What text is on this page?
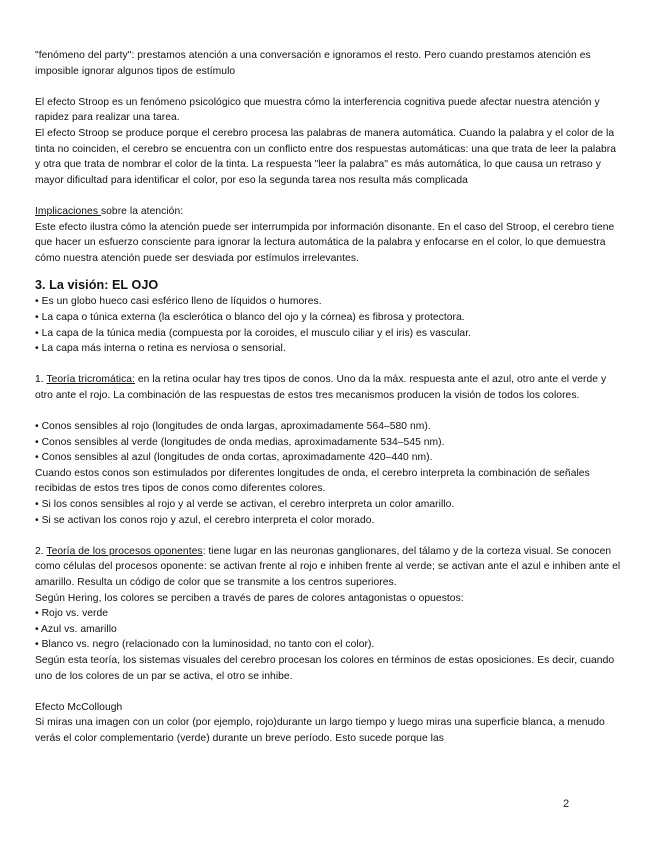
"fenómeno del party": prestamos atención a una conversación e ignoramos el resto. Pero cuando prestamos atención es imposible ignorar algunos tipos de estímulo

El efecto Stroop es un fenómeno psicológico que muestra cómo la interferencia cognitiva puede afectar nuestra atención y rapidez para realizar una tarea.

El efecto Stroop se produce porque el cerebro procesa las palabras de manera automática. Cuando la palabra y el color de la tinta no coinciden, el cerebro se encuentra con un conflicto entre dos respuestas automáticas: una que trata de leer la palabra y otra que trata de nombrar el color de la tinta. La respuesta "leer la palabra" es más automática, lo que causa un retraso y mayor dificultad para identificar el color, por eso la segunda tarea nos resulta más complicada

Implicaciones sobre la atención:

Este efecto ilustra cómo la atención puede ser interrumpida por información disonante. En el caso del Stroop, el cerebro tiene que hacer un esfuerzo consciente para ignorar la lectura automática de la palabra y enfocarse en el color, lo que demuestra cómo nuestra atención puede ser desviada por estímulos irrelevantes.

3. La visión: EL OJO

• Es un globo hueco casi esférico lleno de líquidos o humores.

• La capa o túnica externa (la esclerótica o blanco del ojo y la córnea) es fibrosa y protectora.

• La capa de la túnica media (compuesta por la coroides, el musculo ciliar y el iris) es vascular.

• La capa más interna o retina es nerviosa o sensorial.

1. Teoría tricromática: en la retina ocular hay tres tipos de conos. Uno da la máx. respuesta ante el azul, otro ante el verde y otro ante el rojo. La combinación de las respuestas de estos tres mecanismos producen la visión de todos los colores.

• Conos sensibles al rojo (longitudes de onda largas, aproximadamente 564–580 nm).

• Conos sensibles al verde (longitudes de onda medias, aproximadamente 534–545 nm).

• Conos sensibles al azul (longitudes de onda cortas, aproximadamente 420–440 nm).

Cuando estos conos son estimulados por diferentes longitudes de onda, el cerebro interpreta la combinación de señales recibidas de estos tres tipos de conos como diferentes colores.

• Si los conos sensibles al rojo y al verde se activan, el cerebro interpreta un color amarillo.

• Si se activan los conos rojo y azul, el cerebro interpreta el color morado.

2. Teoría de los procesos oponentes: tiene lugar en las neuronas ganglionares, del tálamo y de la corteza visual. Se conocen como células del procesos oponente: se activan frente al rojo e inhiben frente al verde; se activan ante el azul e inhiben ante el amarillo. Resulta un código de color que se transmite a los centros superiores.

Según Hering, los colores se perciben a través de pares de colores antagonistas o opuestos:

• Rojo vs. verde

• Azul vs. amarillo

• Blanco vs. negro (relacionado con la luminosidad, no tanto con el color).

Según esta teoría, los sistemas visuales del cerebro procesan los colores en términos de estas oposiciones. Es decir, cuando uno de los colores de un par se activa, el otro se inhibe.

Efecto McCollough

Si miras una imagen con un color (por ejemplo, rojo)durante un largo tiempo y luego miras una superficie blanca, a menudo verás el color complementario (verde) durante un breve período. Esto sucede porque las

2
